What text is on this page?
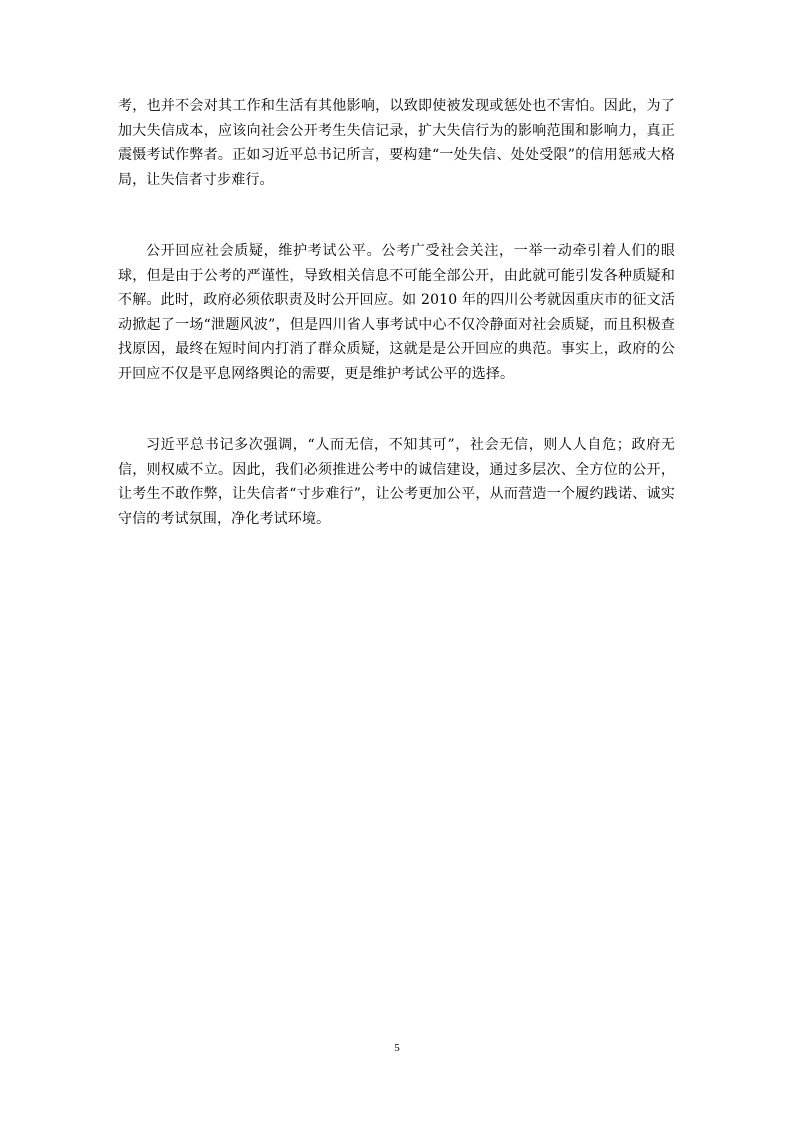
考，也并不会对其工作和生活有其他影响，以致即使被发现或惩处也不害怕。因此，为了加大失信成本，应该向社会公开考生失信记录，扩大失信行为的影响范围和影响力，真正震慑考试作弊者。正如习近平总书记所言，要构建“一处失信、处处受限”的信用惩戒大格局，让失信者寸步难行。

公开回应社会质疑，维护考试公平。公考广受社会关注，一举一动牵引着人们的眼球，但是由于公考的严谨性，导致相关信息不可能全部公开，由此就可能引发各种质疑和不解。此时，政府必须依职责及时公开回应。如 2010 年的四川公考就因重庆市的征文活动掀起了一场“泄题风波”，但是四川省人事考试中心不仅冷静面对社会质疑，而且积极查找原因，最终在短时间内打消了群众质疑，这就是是公开回应的典范。事实上，政府的公开回应不仅是平息网络舆论的需要，更是维护考试公平的选择。

习近平总书记多次强调，“人而无信，不知其可”，社会无信，则人人自危；政府无信，则权威不立。因此，我们必须推进公考中的诚信建设，通过多层次、全方位的公开，让考生不敢作弊，让失信者“寸步难行”，让公考更加公平，从而营造一个履约践诺、诚实守信的考试氛围，净化考试环境。

5
